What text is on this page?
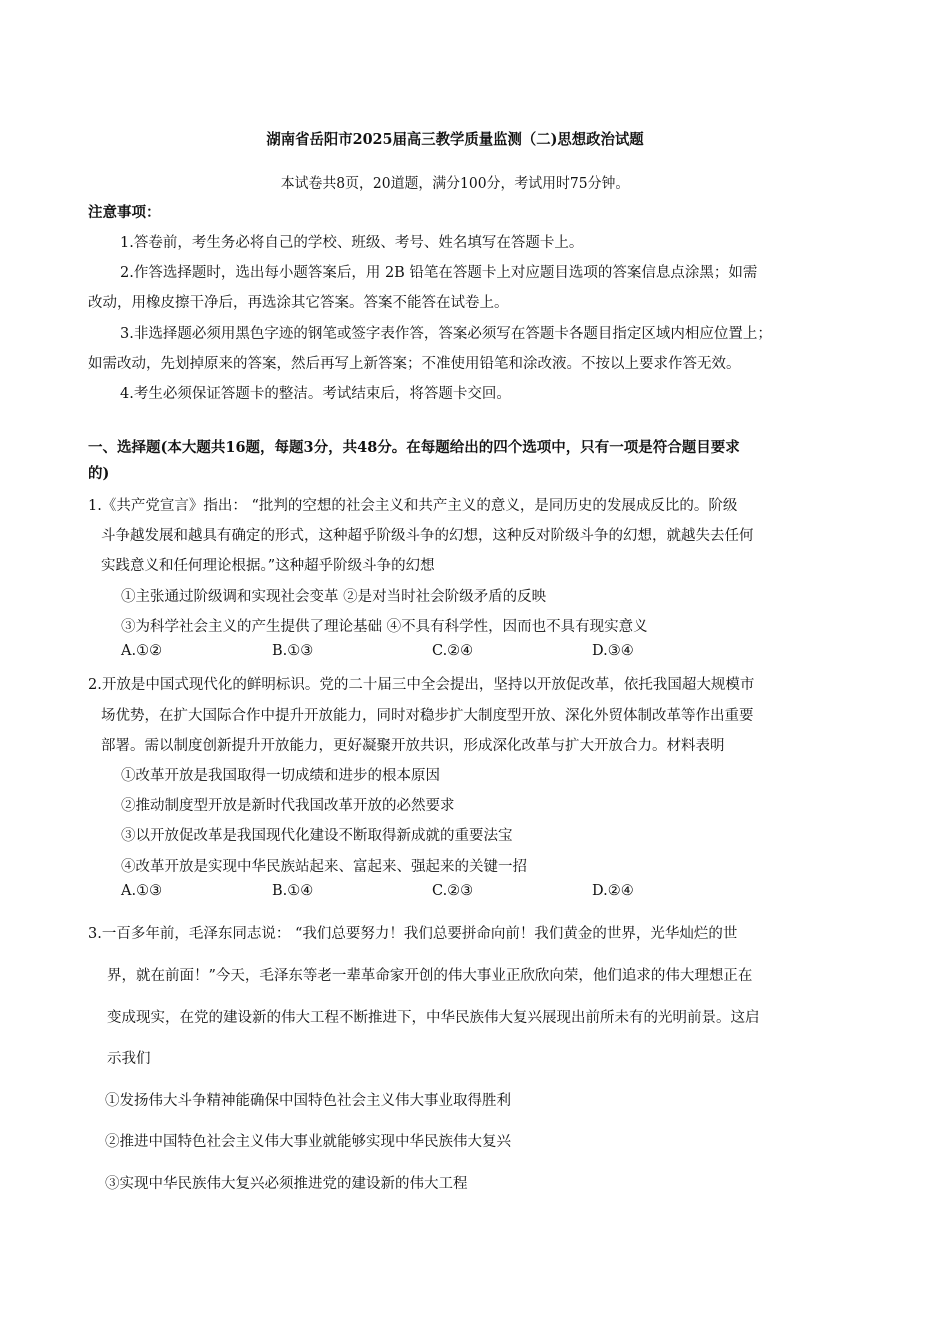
湖南省岳阳市2025届高三教学质量监测（二)思想政治试题
本试卷共8页，20道题，满分100分，考试用时75分钟。
注意事项：
1.答卷前，考生务必将自己的学校、班级、考号、姓名填写在答题卡上。
2.作答选择题时，选出每小题答案后，用 2B 铅笔在答题卡上对应题目选项的答案信息点涂黑；如需
改动，用橡皮擦干净后，再选涂其它答案。答案不能答在试卷上。
3.非选择题必须用黑色字迹的钢笔或签字表作答，答案必须写在答题卡各题目指定区域内相应位置上；
如需改动，先划掉原来的答案，然后再写上新答案；不准使用铅笔和涂改液。不按以上要求作答无效。
4.考生必须保证答题卡的整洁。考试结束后，将答题卡交回。
一、选择题(本大题共16题，每题3分，共48分。在每题给出的四个选项中，只有一项是符合题目要求
的)
1.《共产党宣言》指出： “批判的空想的社会主义和共产主义的意义，是同历史的发展成反比的。阶级
斗争越发展和越具有确定的形式，这种超乎阶级斗争的幻想，这种反对阶级斗争的幻想，就越失去任何
实践意义和任何理论根据。”这种超乎阶级斗争的幻想
①主张通过阶级调和实现社会变革 ②是对当时社会阶级矛盾的反映
③为科学社会主义的产生提供了理论基础 ④不具有科学性，因而也不具有现实意义
A.①②	B.①③	C.②④	D.③④
2.开放是中国式现代化的鲜明标识。党的二十届三中全会提出，坚持以开放促改革，依托我国超大规模市
场优势，在扩大国际合作中提升开放能力，同时对稳步扩大制度型开放、深化外贸体制改革等作出重要
部署。需以制度创新提升开放能力，更好凝聚开放共识，形成深化改革与扩大开放合力。材料表明
①改革开放是我国取得一切成绩和进步的根本原因
②推动制度型开放是新时代我国改革开放的必然要求
③以开放促改革是我国现代化建设不断取得新成就的重要法宝
④改革开放是实现中华民族站起来、富起来、强起来的关键一招
A.①③	B.①④	C.②③	D.②④
3.一百多年前，毛泽东同志说： “我们总要努力！我们总要拼命向前！我们黄金的世界，光华灿烂的世
界，就在前面！”今天，毛泽东等老一辈革命家开创的伟大事业正欣欣向荣，他们追求的伟大理想正在
变成现实，在党的建设新的伟大工程不断推进下，中华民族伟大复兴展现出前所未有的光明前景。这启
示我们
①发扬伟大斗争精神能确保中国特色社会主义伟大事业取得胜利
②推进中国特色社会主义伟大事业就能够实现中华民族伟大复兴
③实现中华民族伟大复兴必须推进党的建设新的伟大工程
